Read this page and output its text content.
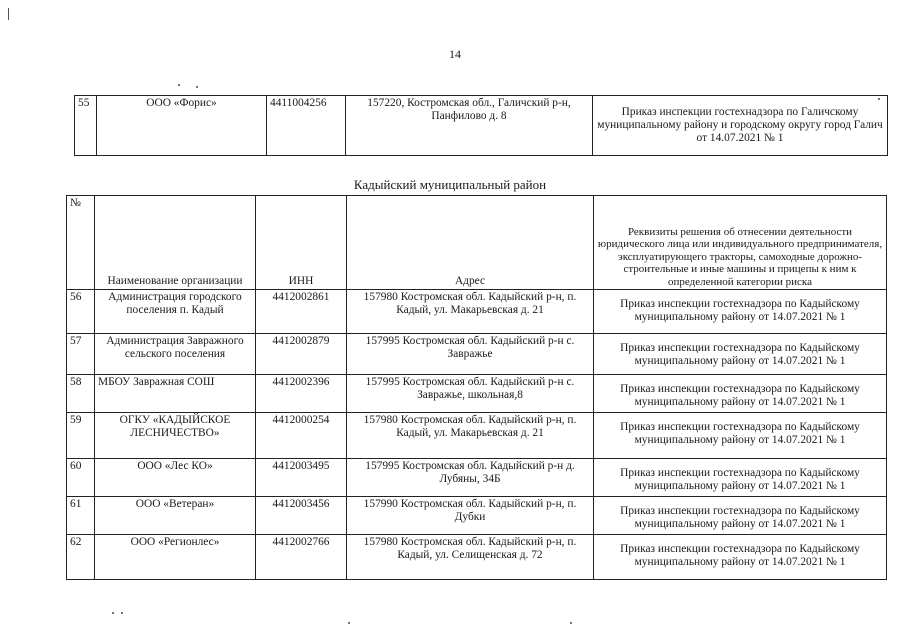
14
55	ООО «Форис»	4411004256	157220, Костромская обл., Галичский р-н, Панфилово д. 8	Приказ инспекции гостехнадзора по Галичскому муниципальному району и городскому округу город Галич от 14.07.2021 № 1
Кадыйский муниципальный район
№	Наименование организации	ИНН	Адрес	Реквизиты решения об отнесении деятельности юридического лица или индивидуального предпринимателя, эксплуатирующего тракторы, самоходные дорожно-строительные и иные машины и прицепы к ним к определенной категории риска
56	Администрация городского поселения п. Кадый	4412002861	157980 Костромская обл. Кадыйский р-н, п. Кадый, ул. Макарьевская д. 21	Приказ инспекции гостехнадзора по Кадыйскому муниципальному району от 14.07.2021 № 1
57	Администрация Завражного сельского поселения	4412002879	157995 Костромская обл. Кадыйский р-н с. Завражье	Приказ инспекции гостехнадзора по Кадыйскому муниципальному району от 14.07.2021 № 1
58	МБОУ Завражная СОШ	4412002396	157995 Костромская обл. Кадыйский р-н с. Завражье, школьная,8	Приказ инспекции гостехнадзора по Кадыйскому муниципальному району от 14.07.2021 № 1
59	ОГКУ «КАДЫЙСКОЕ ЛЕСНИЧЕСТВО»	4412000254	157980 Костромская обл. Кадыйский р-н, п. Кадый, ул. Макарьевская д. 21	Приказ инспекции гостехнадзора по Кадыйскому муниципальному району от 14.07.2021 № 1
60	ООО «Лес КО»	4412003495	157995 Костромская обл. Кадыйский р-н д. Лубяны, 34Б	Приказ инспекции гостехнадзора по Кадыйскому муниципальному району от 14.07.2021 № 1
61	ООО «Ветеран»	4412003456	157990 Костромская обл. Кадыйский р-н, п. Дубки	Приказ инспекции гостехнадзора по Кадыйскому муниципальному району от 14.07.2021 № 1
62	ООО «Регионлес»	4412002766	157980 Костромская обл. Кадыйский р-н, п. Кадый, ул. Селищенская д. 72	Приказ инспекции гостехнадзора по Кадыйскому муниципальному району от 14.07.2021 № 1
